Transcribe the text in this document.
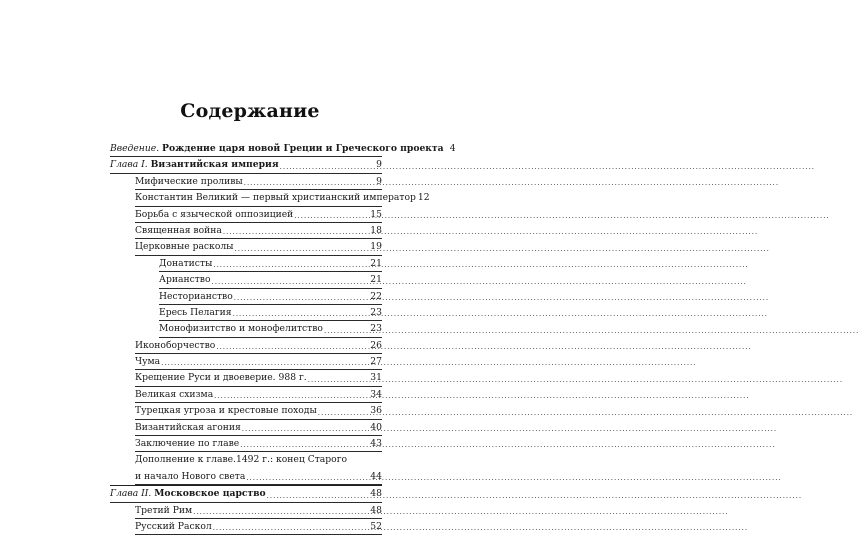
Содержание
Введение. Рождение царя новой Греции и Греческого проекта 4
Глава I. Византийская империя .....	9
Мифические проливы .....	9
Константин Великий — первый христианский император 12
Борьба с языческой оппозицией .....	15
Священная война .....	18
Церковные расколы .....	19
Донатисты .....	21
Арианство .....	21
Несторианство .....	22
Ересь Пелагия .....	23
Монофизитство и монофелитство .....	23
Иконоборчество .....	26
Чума .....	27
Крещение Руси и двоеверие. 988 г. .....	31
Великая схизма .....	34
Турецкая угроза и крестовые походы .....	36
Византийская агония .....	40
Заключение по главе .....	43
Дополнение к главе.1492 г.: конец Старого
и начало Нового света .....	44
Глава II. Московское царство .....	48
Третий Рим .....	48
Русский Раскол .....	52
